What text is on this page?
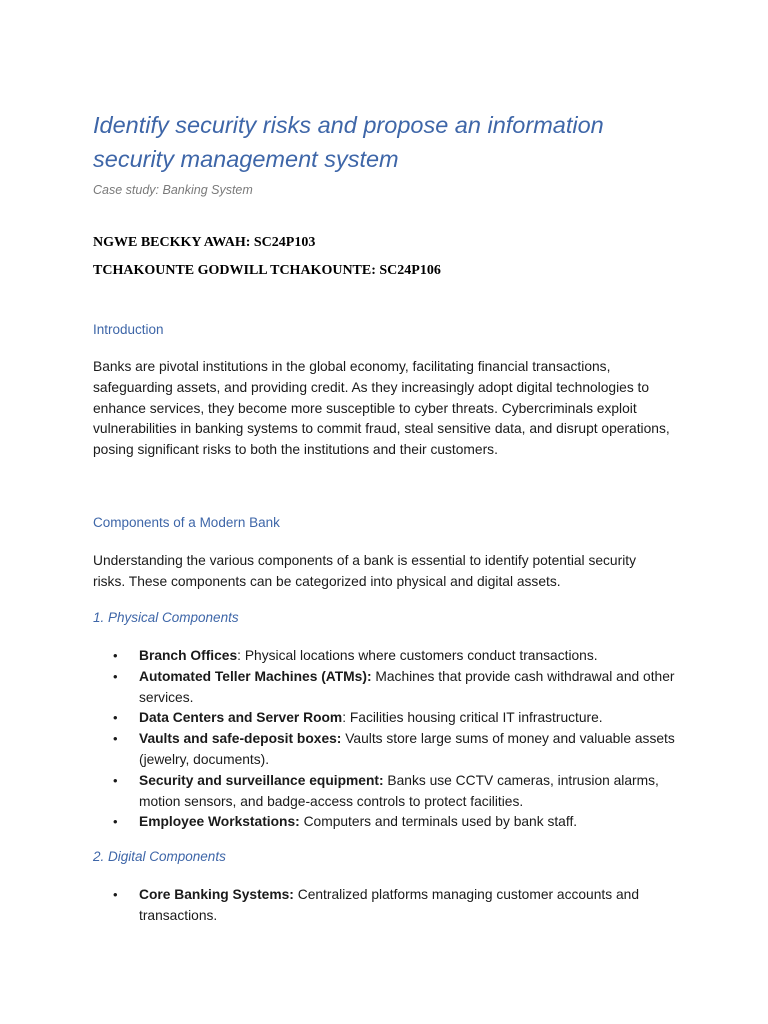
Identify security risks and propose an information security management system

Case study: Banking System

NGWE BECKKY AWAH: SC24P103

TCHAKOUNTE GODWILL TCHAKOUNTE: SC24P106

Introduction

Banks are pivotal institutions in the global economy, facilitating financial transactions, safeguarding assets, and providing credit. As they increasingly adopt digital technologies to enhance services, they become more susceptible to cyber threats. Cybercriminals exploit vulnerabilities in banking systems to commit fraud, steal sensitive data, and disrupt operations, posing significant risks to both the institutions and their customers.

Components of a Modern Bank

Understanding the various components of a bank is essential to identify potential security risks. These components can be categorized into physical and digital assets.

1. Physical Components
• Branch Offices: Physical locations where customers conduct transactions.
• Automated Teller Machines (ATMs): Machines that provide cash withdrawal and other services.
• Data Centers and Server Room: Facilities housing critical IT infrastructure.
• Vaults and safe-deposit boxes: Vaults store large sums of money and valuable assets (jewelry, documents).
• Security and surveillance equipment: Banks use CCTV cameras, intrusion alarms, motion sensors, and badge-access controls to protect facilities.
• Employee Workstations: Computers and terminals used by bank staff.
2. Digital Components
• Core Banking Systems: Centralized platforms managing customer accounts and transactions.
